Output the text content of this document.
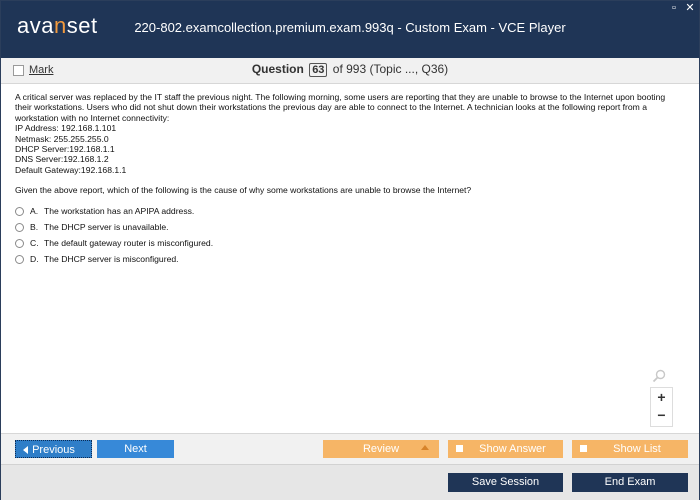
avanset	220-802.examcollection.premium.exam.993q - Custom Exam - VCE Player
▫ ✕
Mark	Question 63 of 993 (Topic ..., Q36)

A critical server was replaced by the IT staff the previous night. The following morning, some users are reporting that they are unable to browse to the Internet upon booting their workstations. Users who did not shut down their workstations the previous day are able to connect to the Internet. A technician looks at the following report from a workstation with no Internet connectivity:

IP Address: 192.168.1.101

Netmask: 255.255.255.0

DHCP Server:192.168.1.1

DNS Server:192.168.1.2

Default Gateway:192.168.1.1

Given the above report, which of the following is the cause of why some workstations are unable to browse the Internet?

A. The workstation has an APIPA address.
B. The DHCP server is unavailable.
C. The default gateway router is misconfigured.
D. The DHCP server is misconfigured.
+
−
Previous	Next	Review	Show Answer	Show List
Save Session	End Exam
